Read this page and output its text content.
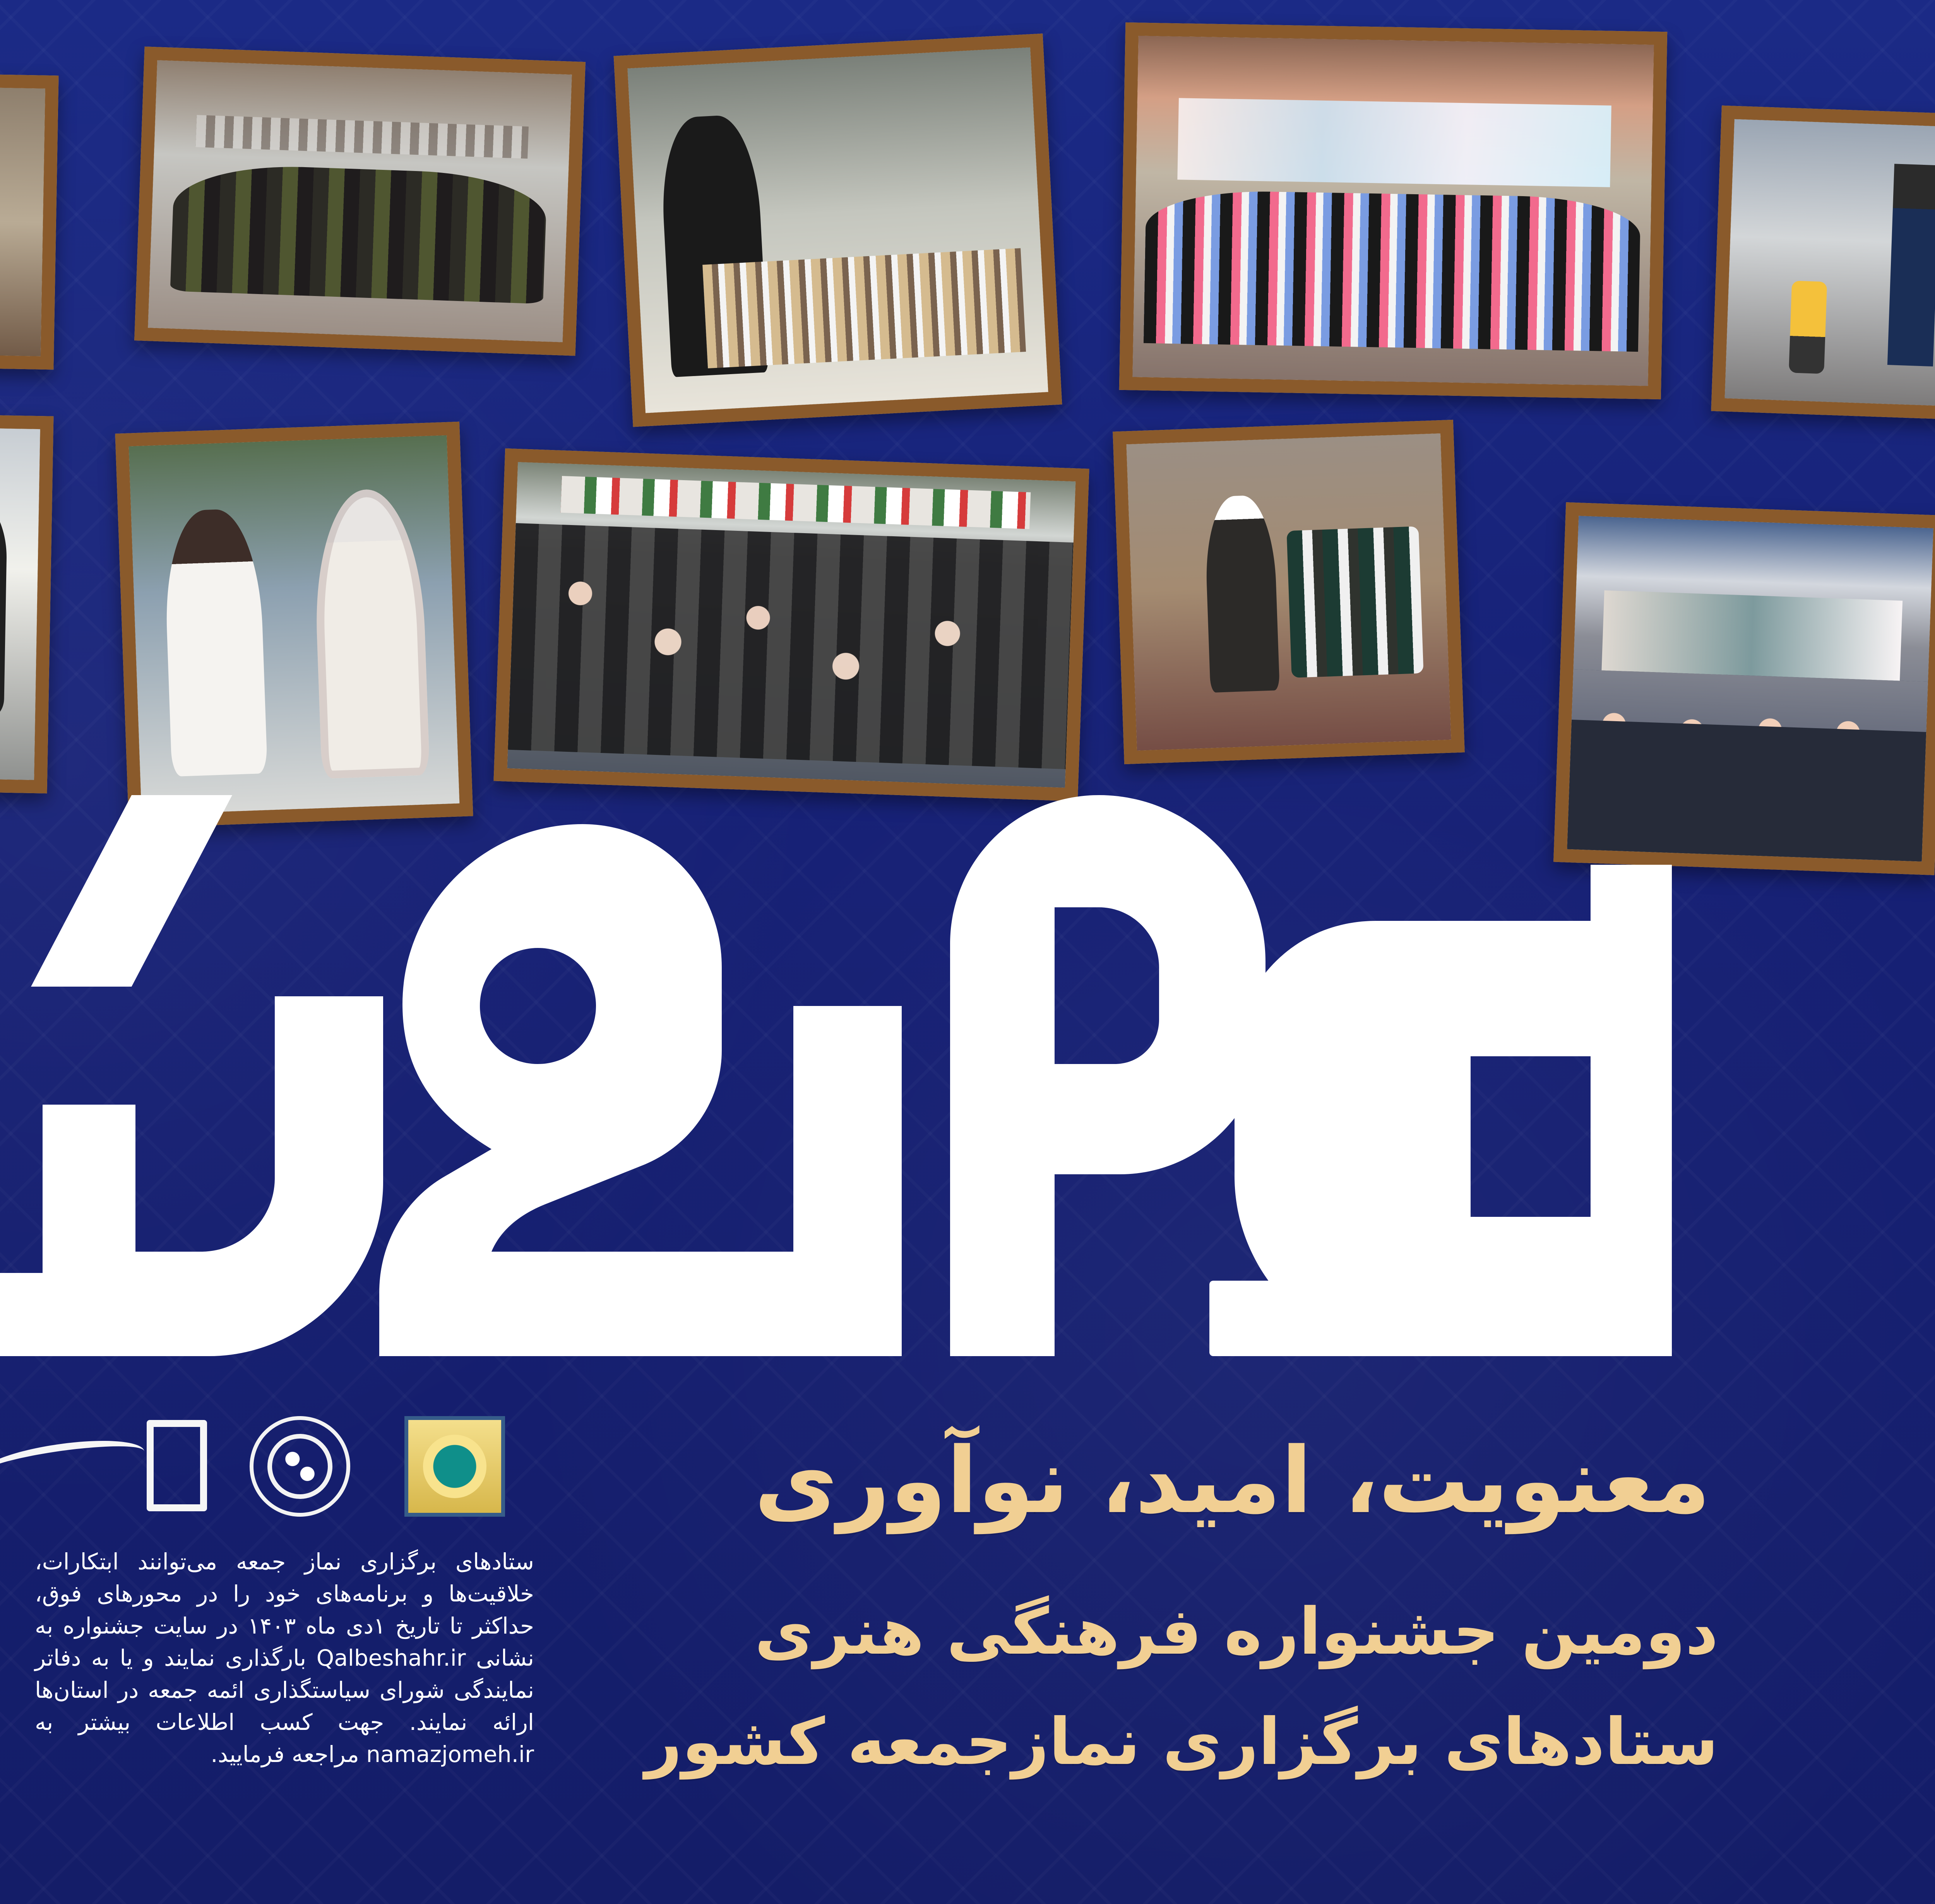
معنویت، امید، نوآوری
دومین جشنواره فرهنگی هنری
ستادهای برگزاری نمازجمعه کشور
ستادهای برگزاری نماز جمعه می‌توانند ابتکارات، خلاقیت‌ها و برنامه‌های خود را در محورهای فوق، حداکثر تا تاریخ ۱دی ماه ۱۴۰۳ در سایت جشنواره به نشانی Qalbeshahr.ir بارگذاری نمایند و یا به دفاتر نمایندگی شورای سیاستگذاری ائمه جمعه در استان‌ها ارائه نمایند. جهت کسب اطلاعات بیشتر به namazjomeh.ir مراجعه فرمایید.
